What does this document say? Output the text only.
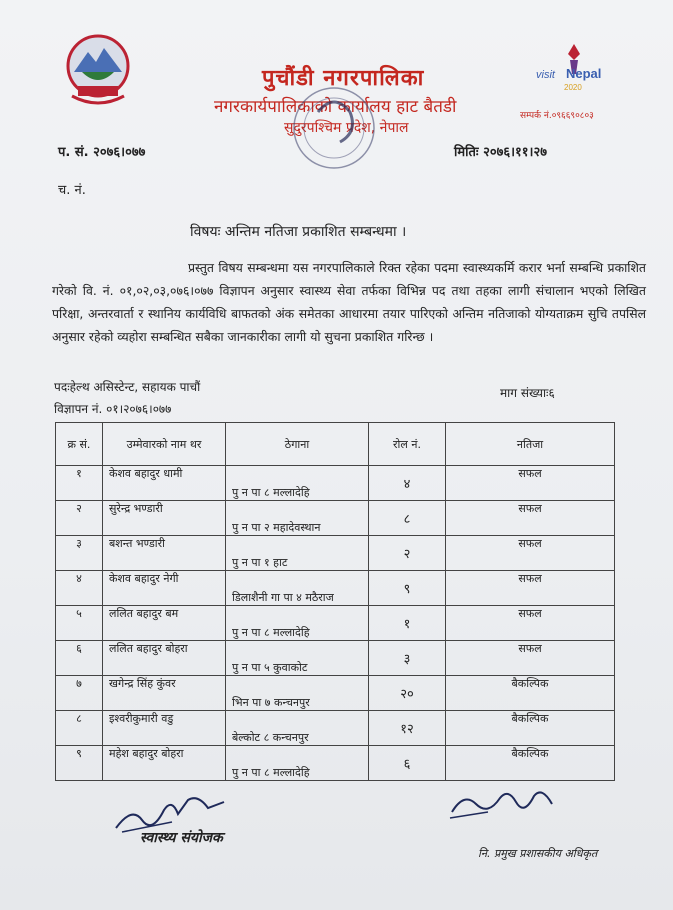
visit Nepal
2020
पुचौंडी नगरपालिका
नगरकार्यपालिकाको कार्यालय हाट बैतडी
सुदुरपश्चिम प्रदेश, नेपाल
सम्पर्क नं.०९६६९०८०३
प. सं. २०७६।०७७	मितिः २०७६।११।२७
च. नं.
विषयः अन्तिम नतिजा प्रकाशित सम्बन्धमा ।
प्रस्तुत विषय सम्बन्धमा यस नगरपालिकाले रिक्त रहेका पदमा स्वास्थ्यकर्मि करार भर्ना सम्बन्धि प्रकाशित गरेको वि. नं. ०१,०२,०३,०७६।०७७ विज्ञापन अनुसार स्वास्थ्य सेवा तर्फका विभिन्न पद तथा तहका लागी संचालान भएको लिखित परिक्षा, अन्तरवार्ता र स्थानिय कार्यविधि बाफतको अंक समेतका आधारमा तयार पारिएको अन्तिम नतिजाको योग्यताक्रम सुचि तपसिल अनुसार रहेको व्यहोरा सम्बन्धित सबैका जानकारीका लागी यो सुचना प्रकाशित गरिन्छ ।
पदःहेल्थ असिस्टेन्ट, सहायक पाचौं	माग संख्याः६
विज्ञापन नं. ०१।२०७६।०७७
क्र सं.	उम्मेवारको नाम थर	ठेगाना	रोल नं.	नतिजा
१	केशव बहादुर धामी	पु न पा ८ मल्लादेहि	४	सफल
२	सुरेन्द्र भण्डारी	पु न पा २ महादेवस्थान	८	सफल
३	बशन्त भण्डारी	पु न पा १ हाट	२	सफल
४	केशव बहादुर नेगी	डिलाशैनी गा पा ४ मठैराज	९	सफल
५	ललित बहादुर बम	पु न पा ८ मल्लादेहि	१	सफल
६	ललित बहादुर बोहरा	पु न पा ५ कुवाकोट	३	सफल
७	खगेन्द्र सिंह कुंवर	भिन पा ७ कन्चनपुर	२०	बैकल्पिक
८	इश्वरीकुमारी वडु	बेल्कोट ८ कन्चनपुर	१२	बैकल्पिक
९	महेश बहादुर बोहरा	पु न पा ८ मल्लादेहि	६	बैकल्पिक
स्वास्थ्य संयोजक
नि. प्रमुख प्रशासकीय अधिकृत
